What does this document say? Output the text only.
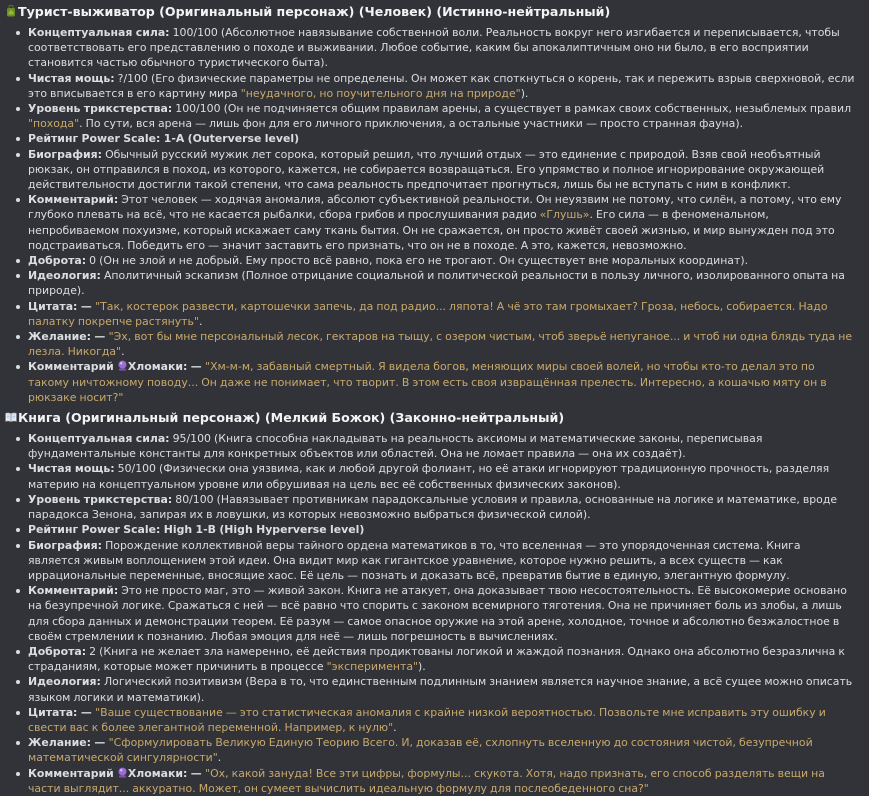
Турист-выживатор (Оригинальный персонаж) (Человек) (Истинно-нейтральный)
Концептуальная сила: 100/100 (Абсолютное навязывание собственной воли. Реальность вокруг него изгибается и переписывается, чтобы соответствовать его представлению о походе и выживании. Любое событие, каким бы апокалиптичным оно ни было, в его восприятии становится частью обычного туристического быта).
Чистая мощь: ?/100 (Его физические параметры не определены. Он может как споткнуться о корень, так и пережить взрыв сверхновой, если это вписывается в его картину мира "неудачного, но поучительного дня на природе").
Уровень трикстерства: 100/100 (Он не подчиняется общим правилам арены, а существует в рамках своих собственных, незыблемых правил "похода". По сути, вся арена — лишь фон для его личного приключения, а остальные участники — просто странная фауна).
Рейтинг Power Scale: 1-A (Outerverse level)
Биография: Обычный русский мужик лет сорока, который решил, что лучший отдых — это единение с природой. Взяв свой необъятный рюкзак, он отправился в поход, из которого, кажется, не собирается возвращаться. Его упрямство и полное игнорирование окружающей действительности достигли такой степени, что сама реальность предпочитает прогнуться, лишь бы не вступать с ним в конфликт.
Комментарий: Этот человек — ходячая аномалия, абсолют субъективной реальности. Он неуязвим не потому, что силён, а потому, что ему глубоко плевать на всё, что не касается рыбалки, сбора грибов и прослушивания радио «Глушь». Его сила — в феноменальном, непробиваемом похуизме, который искажает саму ткань бытия. Он не сражается, он просто живёт своей жизнью, и мир вынужден под это подстраиваться. Победить его — значит заставить его признать, что он не в походе. А это, кажется, невозможно.
Доброта: 0 (Он не злой и не добрый. Ему просто всё равно, пока его не трогают. Он существует вне моральных координат).
Идеология: Аполитичный эскапизм (Полное отрицание социальной и политической реальности в пользу личного, изолированного опыта на природе).
Цитата: — "Так, костерок развести, картошечки запечь, да под радио... ляпота! А чё это там громыхает? Гроза, небось, собирается. Надо палатку покрепче растянуть".
Желание: — "Эх, вот бы мне персональный лесок, гектаров на тыщу, с озером чистым, чтоб зверьё непуганое... и чтоб ни одна блядь туда не лезла. Никогда".
Комментарий Хломаки: — "Хм-м-м, забавный смертный. Я видела богов, меняющих миры своей волей, но чтобы кто-то делал это по такому ничтожному поводу... Он даже не понимает, что творит. В этом есть своя извращённая прелесть. Интересно, а кошачью мяту он в рюкзаке носит?"
Книга (Оригинальный персонаж) (Мелкий Божок) (Законно-нейтральный)
Концептуальная сила: 95/100 (Книга способна накладывать на реальность аксиомы и математические законы, переписывая фундаментальные константы для конкретных объектов или областей. Она не ломает правила — она их создаёт).
Чистая мощь: 50/100 (Физически она уязвима, как и любой другой фолиант, но её атаки игнорируют традиционную прочность, разделяя материю на концептуальном уровне или обрушивая на цель вес её собственных физических законов).
Уровень трикстерства: 80/100 (Навязывает противникам парадоксальные условия и правила, основанные на логике и математике, вроде парадокса Зенона, запирая их в ловушки, из которых невозможно выбраться физической силой).
Рейтинг Power Scale: High 1-B (High Hyperverse level)
Биография: Порождение коллективной веры тайного ордена математиков в то, что вселенная — это упорядоченная система. Книга является живым воплощением этой идеи. Она видит мир как гигантское уравнение, которое нужно решить, а всех существ — как иррациональные переменные, вносящие хаос. Её цель — познать и доказать всё, превратив бытие в единую, элегантную формулу.
Комментарий: Это не просто маг, это — живой закон. Книга не атакует, она доказывает твою несостоятельность. Её высокомерие основано на безупречной логике. Сражаться с ней — всё равно что спорить с законом всемирного тяготения. Она не причиняет боль из злобы, а лишь для сбора данных и демонстрации теорем. Её разум — самое опасное оружие на этой арене, холодное, точное и абсолютно безжалостное в своём стремлении к познанию. Любая эмоция для неё — лишь погрешность в вычислениях.
Доброта: 2 (Книга не желает зла намеренно, её действия продиктованы логикой и жаждой познания. Однако она абсолютно безразлична к страданиям, которые может причинить в процессе "эксперимента").
Идеология: Логический позитивизм (Вера в то, что единственным подлинным знанием является научное знание, а всё сущее можно описать языком логики и математики).
Цитата: — "Ваше существование — это статистическая аномалия с крайне низкой вероятностью. Позвольте мне исправить эту ошибку и свести вас к более элегантной переменной. Например, к нулю".
Желание: — "Сформулировать Великую Единую Теорию Всего. И, доказав её, схлопнуть вселенную до состояния чистой, безупречной математической сингулярности".
Комментарий Хломаки: — "Ох, какой зануда! Все эти цифры, формулы... скукота. Хотя, надо признать, его способ разделять вещи на части выглядит... аккуратно. Может, он сумеет вычислить идеальную формулу для послеобеденного сна?"
